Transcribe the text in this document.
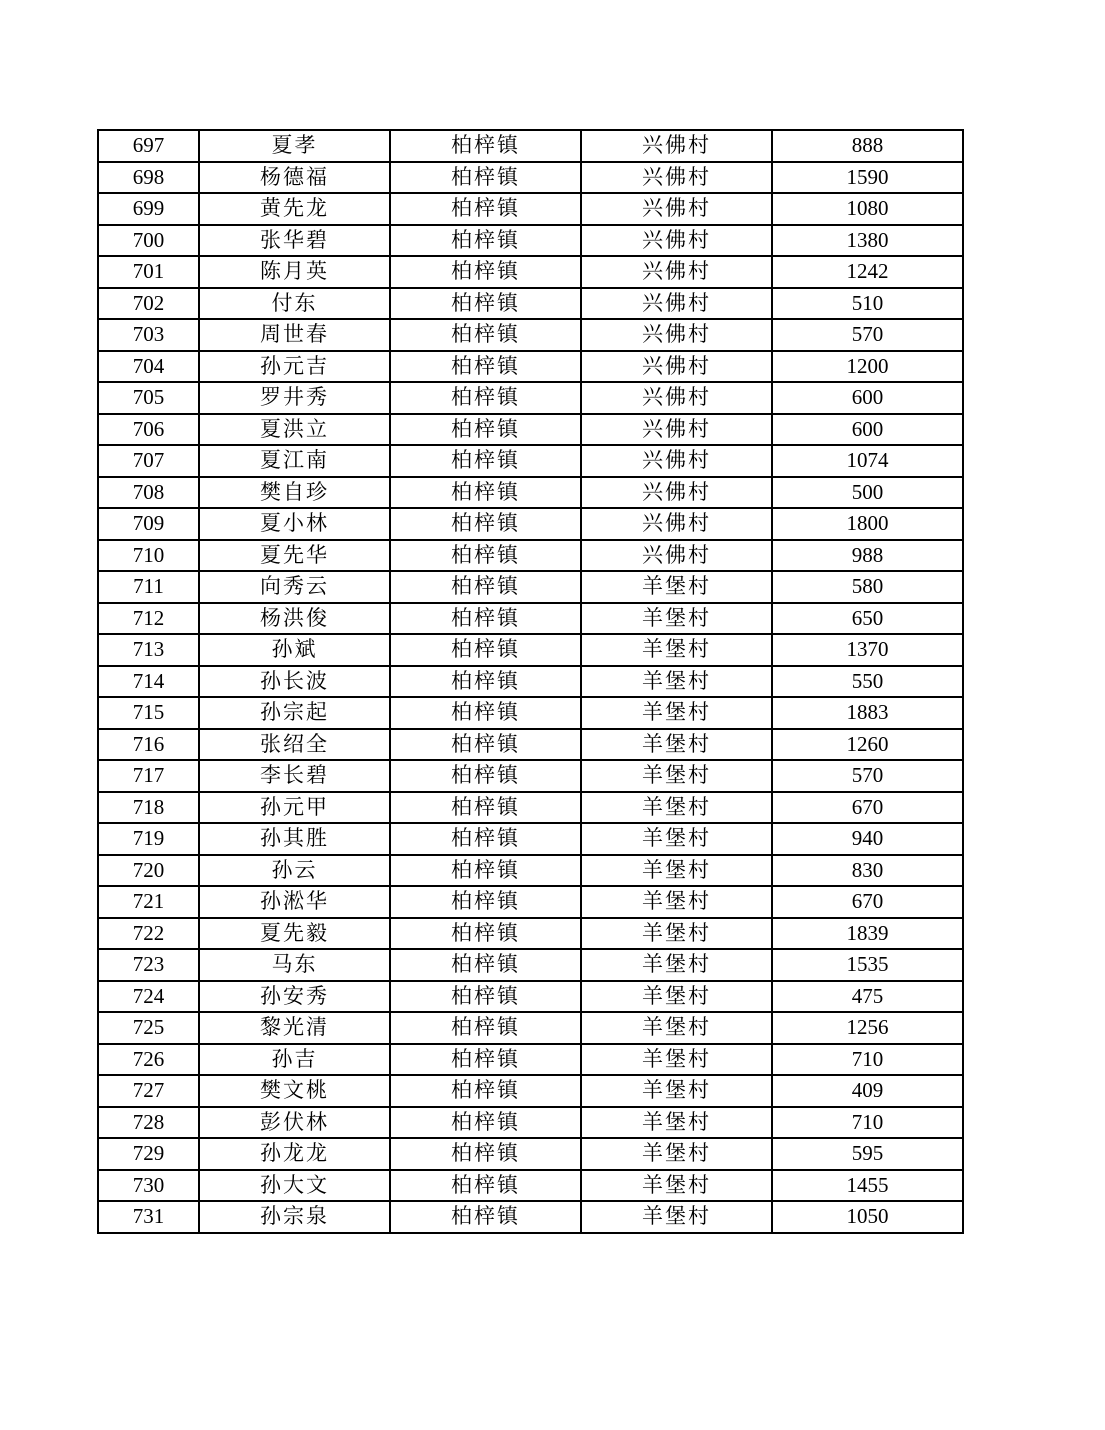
697	夏孝	柏梓镇	兴佛村	888
698	杨德福	柏梓镇	兴佛村	1590
699	黄先龙	柏梓镇	兴佛村	1080
700	张华碧	柏梓镇	兴佛村	1380
701	陈月英	柏梓镇	兴佛村	1242
702	付东	柏梓镇	兴佛村	510
703	周世春	柏梓镇	兴佛村	570
704	孙元吉	柏梓镇	兴佛村	1200
705	罗井秀	柏梓镇	兴佛村	600
706	夏洪立	柏梓镇	兴佛村	600
707	夏江南	柏梓镇	兴佛村	1074
708	樊自珍	柏梓镇	兴佛村	500
709	夏小林	柏梓镇	兴佛村	1800
710	夏先华	柏梓镇	兴佛村	988
711	向秀云	柏梓镇	羊堡村	580
712	杨洪俊	柏梓镇	羊堡村	650
713	孙斌	柏梓镇	羊堡村	1370
714	孙长波	柏梓镇	羊堡村	550
715	孙宗起	柏梓镇	羊堡村	1883
716	张绍全	柏梓镇	羊堡村	1260
717	李长碧	柏梓镇	羊堡村	570
718	孙元甲	柏梓镇	羊堡村	670
719	孙其胜	柏梓镇	羊堡村	940
720	孙云	柏梓镇	羊堡村	830
721	孙淞华	柏梓镇	羊堡村	670
722	夏先毅	柏梓镇	羊堡村	1839
723	马东	柏梓镇	羊堡村	1535
724	孙安秀	柏梓镇	羊堡村	475
725	黎光清	柏梓镇	羊堡村	1256
726	孙吉	柏梓镇	羊堡村	710
727	樊文桃	柏梓镇	羊堡村	409
728	彭伏林	柏梓镇	羊堡村	710
729	孙龙龙	柏梓镇	羊堡村	595
730	孙大文	柏梓镇	羊堡村	1455
731	孙宗泉	柏梓镇	羊堡村	1050
